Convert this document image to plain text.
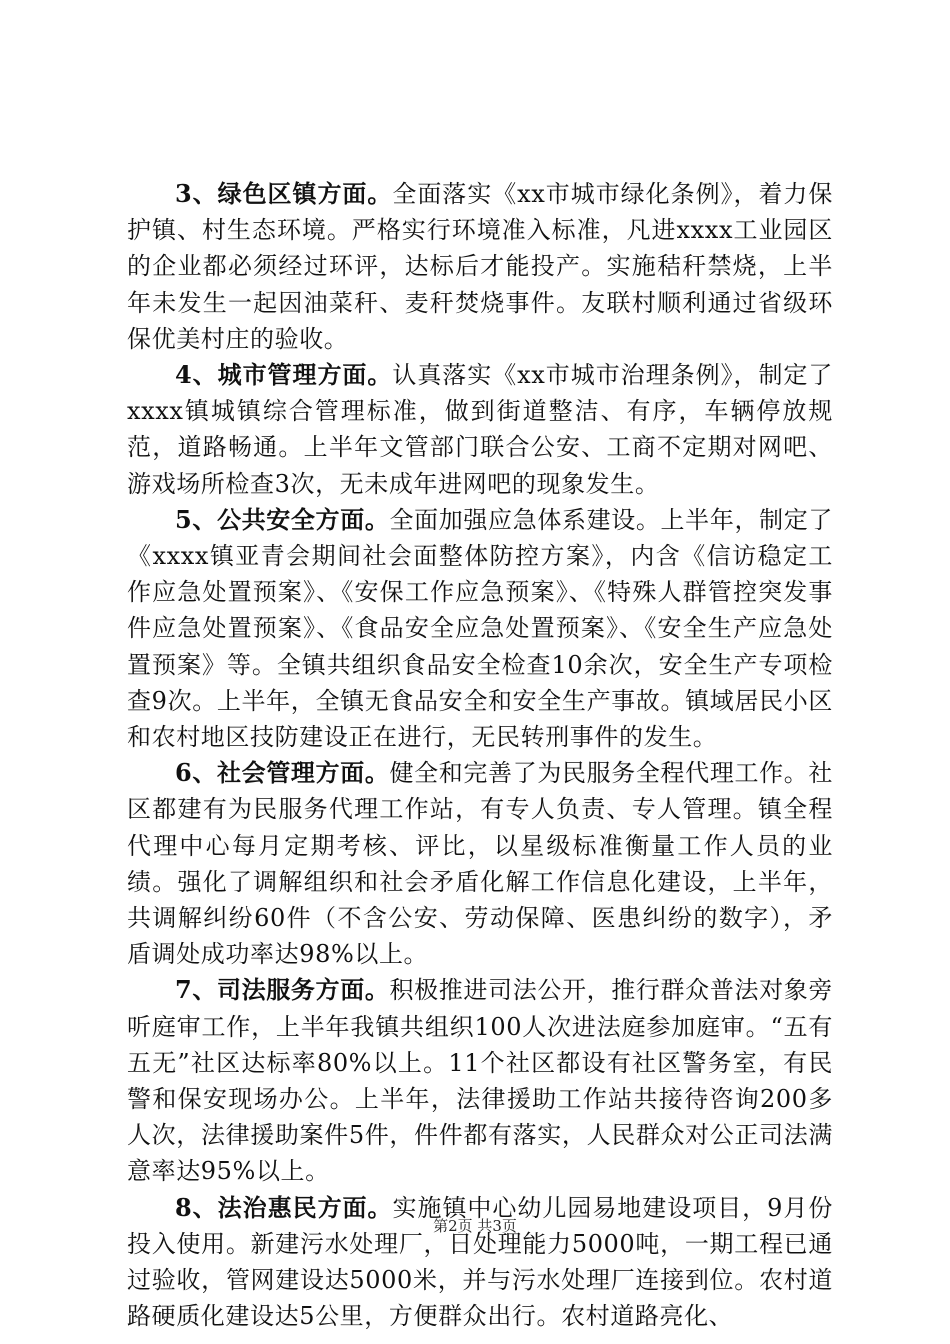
3、绿色区镇方面。全面落实《xx市城市绿化条例》，着力保护镇、村生态环境。严格实行环境准入标准，凡进xxxx工业园区的企业都必须经过环评，达标后才能投产。实施秸秆禁烧，上半年未发生一起因油菜秆、麦秆焚烧事件。友联村顺利通过省级环保优美村庄的验收。

4、城市管理方面。认真落实《xx市城市治理条例》，制定了xxxx镇城镇综合管理标准，做到街道整洁、有序，车辆停放规范，道路畅通。上半年文管部门联合公安、工商不定期对网吧、游戏场所检查3次，无未成年进网吧的现象发生。

5、公共安全方面。全面加强应急体系建设。上半年，制定了《xxxx镇亚青会期间社会面整体防控方案》，内含《信访稳定工作应急处置预案》、《安保工作应急预案》、《特殊人群管控突发事件应急处置预案》、《食品安全应急处置预案》、《安全生产应急处置预案》等。全镇共组织食品安全检查10余次，安全生产专项检查9次。上半年，全镇无食品安全和安全生产事故。镇域居民小区和农村地区技防建设正在进行，无民转刑事件的发生。

6、社会管理方面。健全和完善了为民服务全程代理工作。社区都建有为民服务代理工作站，有专人负责、专人管理。镇全程代理中心每月定期考核、评比，以星级标准衡量工作人员的业绩。强化了调解组织和社会矛盾化解工作信息化建设，上半年，共调解纠纷60件（不含公安、劳动保障、医患纠纷的数字），矛盾调处成功率达98%以上。

7、司法服务方面。积极推进司法公开，推行群众普法对象旁听庭审工作，上半年我镇共组织100人次进法庭参加庭审。“五有五无”社区达标率80%以上。11个社区都设有社区警务室，有民警和保安现场办公。上半年，法律援助工作站共接待咨询200多人次，法律援助案件5件，件件都有落实，人民群众对公正司法满意率达95%以上。

8、法治惠民方面。实施镇中心幼儿园易地建设项目，9月份投入使用。新建污水处理厂，日处理能力5000吨，一期工程已通过验收，管网建设达5000米，并与污水处理厂连接到位。农村道路硬质化建设达5公里，方便群众出行。农村道路亮化、

第2页 共3页
